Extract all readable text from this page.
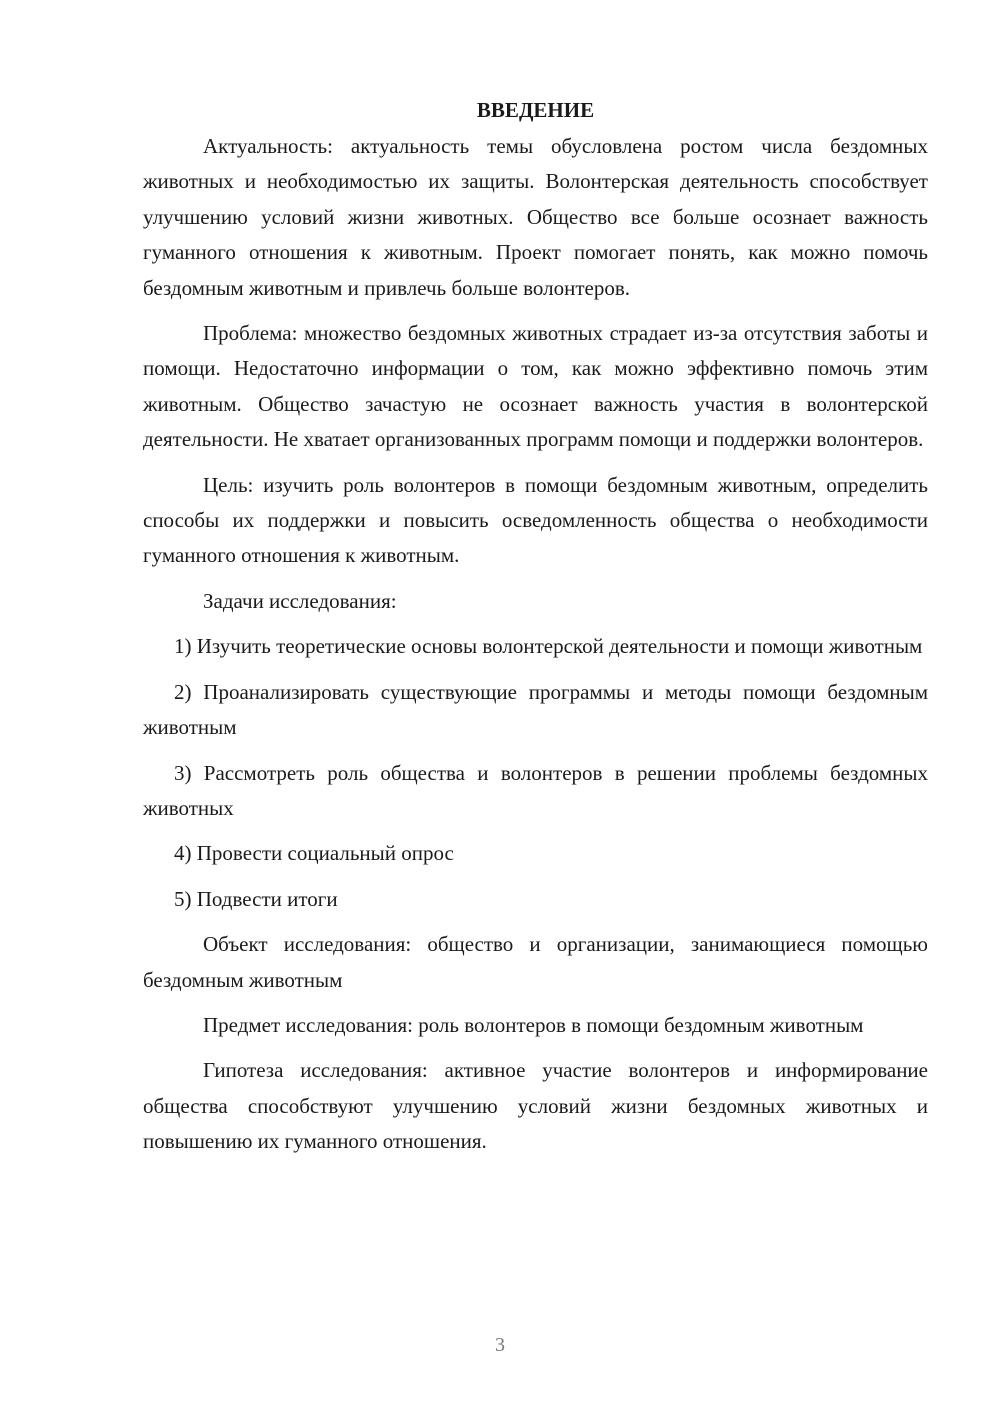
ВВЕДЕНИЕ

Актуальность: актуальность темы обусловлена ростом числа бездомных животных и необходимостью их защиты. Волонтерская деятельность способствует улучшению условий жизни животных. Общество все больше осознает важность гуманного отношения к животным. Проект помогает понять, как можно помочь бездомным животным и привлечь больше волонтеров.

Проблема: множество бездомных животных страдает из-за отсутствия заботы и помощи. Недостаточно информации о том, как можно эффективно помочь этим животным. Общество зачастую не осознает важность участия в волонтерской деятельности. Не хватает организованных программ помощи и поддержки волонтеров.

Цель: изучить роль волонтеров в помощи бездомным животным, определить способы их поддержки и повысить осведомленность общества о необходимости гуманного отношения к животным.

Задачи исследования:

1) Изучить теоретические основы волонтерской деятельности и помощи животным

2) Проанализировать существующие программы и методы помощи бездомным животным

3) Рассмотреть роль общества и волонтеров в решении проблемы бездомных животных

4) Провести социальный опрос

5) Подвести итоги

Объект исследования: общество и организации, занимающиеся помощью бездомным животным

Предмет исследования: роль волонтеров в помощи бездомным животным

Гипотеза исследования: активное участие волонтеров и информирование общества способствуют улучшению условий жизни бездомных животных и повышению их гуманного отношения.

3
